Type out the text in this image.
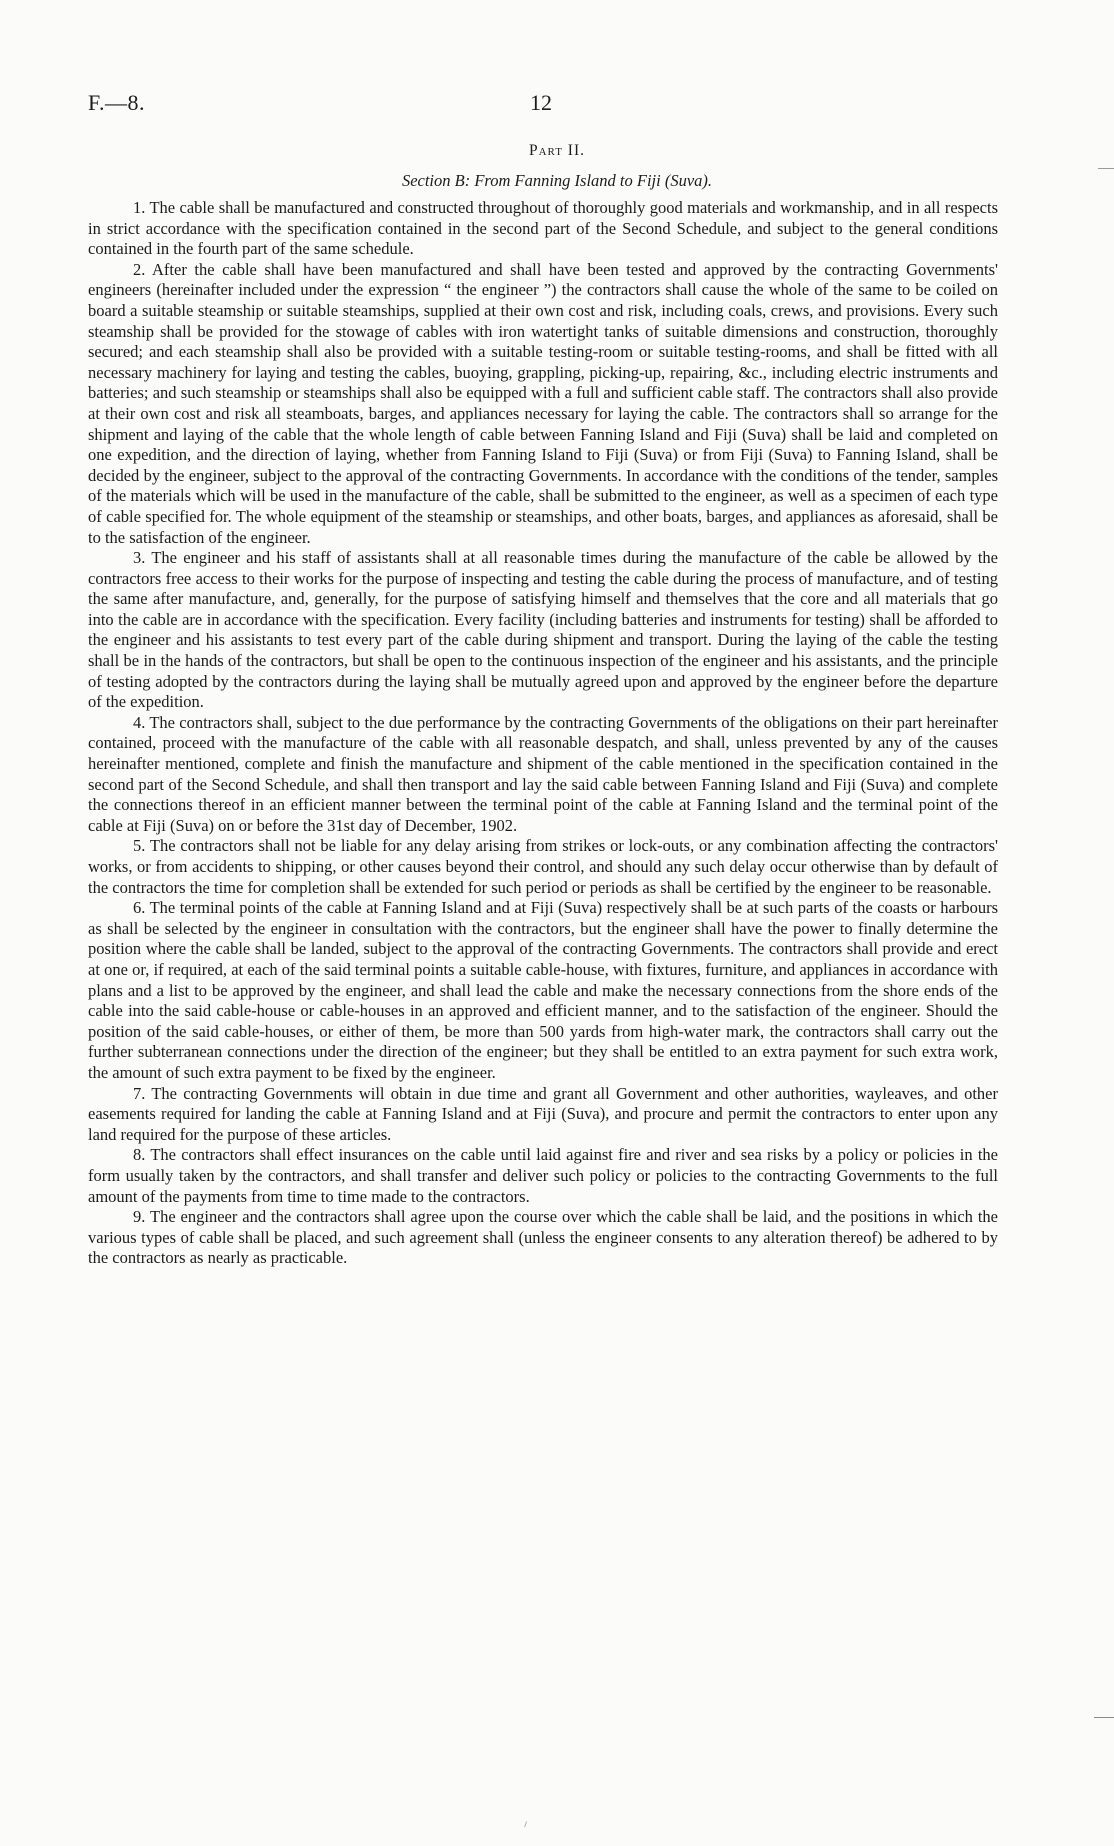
F.—8.	12
Part II.
Section B: From Fanning Island to Fiji (Suva).

1. The cable shall be manufactured and constructed throughout of thoroughly good materials and workmanship, and in all respects in strict accordance with the specification contained in the second part of the Second Schedule, and subject to the general conditions contained in the fourth part of the same schedule.

2. After the cable shall have been manufactured and shall have been tested and approved by the contracting Governments' engineers (hereinafter included under the expression “ the engineer ”) the contractors shall cause the whole of the same to be coiled on board a suitable steamship or suitable steamships, supplied at their own cost and risk, including coals, crews, and provisions. Every such steamship shall be provided for the stowage of cables with iron watertight tanks of suitable dimensions and construction, thoroughly secured; and each steamship shall also be provided with a suitable testing-room or suitable testing-rooms, and shall be fitted with all necessary machinery for laying and testing the cables, buoying, grappling, picking-up, repairing, &c., including electric instruments and batteries; and such steamship or steamships shall also be equipped with a full and sufficient cable staff. The contractors shall also provide at their own cost and risk all steamboats, barges, and appliances necessary for laying the cable. The contractors shall so arrange for the shipment and laying of the cable that the whole length of cable between Fanning Island and Fiji (Suva) shall be laid and completed on one expedition, and the direction of laying, whether from Fanning Island to Fiji (Suva) or from Fiji (Suva) to Fanning Island, shall be decided by the engineer, subject to the approval of the contracting Governments. In accordance with the conditions of the tender, samples of the materials which will be used in the manufacture of the cable, shall be submitted to the engineer, as well as a specimen of each type of cable specified for. The whole equipment of the steamship or steamships, and other boats, barges, and appliances as aforesaid, shall be to the satisfaction of the engineer.

3. The engineer and his staff of assistants shall at all reasonable times during the manufacture of the cable be allowed by the contractors free access to their works for the purpose of inspecting and testing the cable during the process of manufacture, and of testing the same after manufacture, and, generally, for the purpose of satisfying himself and themselves that the core and all materials that go into the cable are in accordance with the specification. Every facility (including batteries and instruments for testing) shall be afforded to the engineer and his assistants to test every part of the cable during shipment and transport. During the laying of the cable the testing shall be in the hands of the contractors, but shall be open to the continuous inspection of the engineer and his assistants, and the principle of testing adopted by the contractors during the laying shall be mutually agreed upon and approved by the engineer before the departure of the expedition.

4. The contractors shall, subject to the due performance by the contracting Governments of the obligations on their part hereinafter contained, proceed with the manufacture of the cable with all reasonable despatch, and shall, unless prevented by any of the causes hereinafter mentioned, complete and finish the manufacture and shipment of the cable mentioned in the specification contained in the second part of the Second Schedule, and shall then transport and lay the said cable between Fanning Island and Fiji (Suva) and complete the connections thereof in an efficient manner between the terminal point of the cable at Fanning Island and the terminal point of the cable at Fiji (Suva) on or before the 31st day of December, 1902.

5. The contractors shall not be liable for any delay arising from strikes or lock-outs, or any combination affecting the contractors' works, or from accidents to shipping, or other causes beyond their control, and should any such delay occur otherwise than by default of the contractors the time for completion shall be extended for such period or periods as shall be certified by the engineer to be reasonable.

6. The terminal points of the cable at Fanning Island and at Fiji (Suva) respectively shall be at such parts of the coasts or harbours as shall be selected by the engineer in consultation with the contractors, but the engineer shall have the power to finally determine the position where the cable shall be landed, subject to the approval of the contracting Governments. The contractors shall provide and erect at one or, if required, at each of the said terminal points a suitable cable-house, with fixtures, furniture, and appliances in accordance with plans and a list to be approved by the engineer, and shall lead the cable and make the necessary connections from the shore ends of the cable into the said cable-house or cable-houses in an approved and efficient manner, and to the satisfaction of the engineer. Should the position of the said cable-houses, or either of them, be more than 500 yards from high-water mark, the contractors shall carry out the further subterranean connections under the direction of the engineer; but they shall be entitled to an extra payment for such extra work, the amount of such extra payment to be fixed by the engineer.

7. The contracting Governments will obtain in due time and grant all Government and other authorities, wayleaves, and other easements required for landing the cable at Fanning Island and at Fiji (Suva), and procure and permit the contractors to enter upon any land required for the purpose of these articles.

8. The contractors shall effect insurances on the cable until laid against fire and river and sea risks by a policy or policies in the form usually taken by the contractors, and shall transfer and deliver such policy or policies to the contracting Governments to the full amount of the payments from time to time made to the contractors.

9. The engineer and the contractors shall agree upon the course over which the cable shall be laid, and the positions in which the various types of cable shall be placed, and such agreement shall (unless the engineer consents to any alteration thereof) be adhered to by the contractors as nearly as practicable.
